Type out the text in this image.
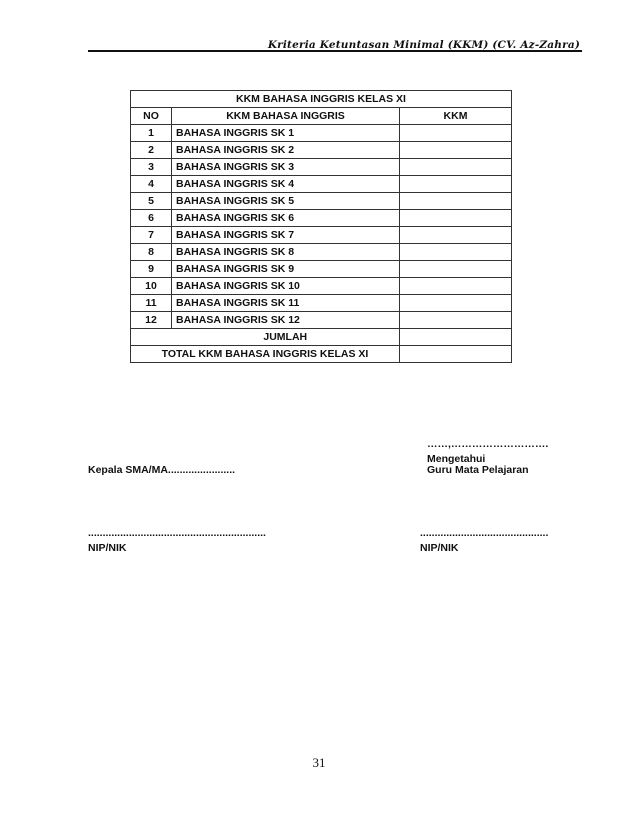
Kriteria Ketuntasan Minimal (KKM) (CV. Az-Zahra)
KKM BAHASA INGGRIS KELAS XI		
NO	KKM BAHASA INGGRIS	KKM
1	BAHASA INGGRIS SK 1	
2	BAHASA INGGRIS SK 2	
3	BAHASA INGGRIS SK 3	
4	BAHASA INGGRIS SK 4	
5	BAHASA INGGRIS SK 5	
6	BAHASA INGGRIS SK 6	
7	BAHASA INGGRIS SK 7	
8	BAHASA INGGRIS SK 8	
9	BAHASA INGGRIS SK 9	
10	BAHASA INGGRIS SK 10	
11	BAHASA INGGRIS SK 11	
12	BAHASA INGGRIS SK 12	
	JUMLAH	
TOTAL KKM BAHASA INGGRIS KELAS XI		
……,……………………….
Mengetahui
Kepala SMA/MA.......................	Guru Mata Pelajaran
.............................................................	............................................
NIP/NIK	NIP/NIK
31
